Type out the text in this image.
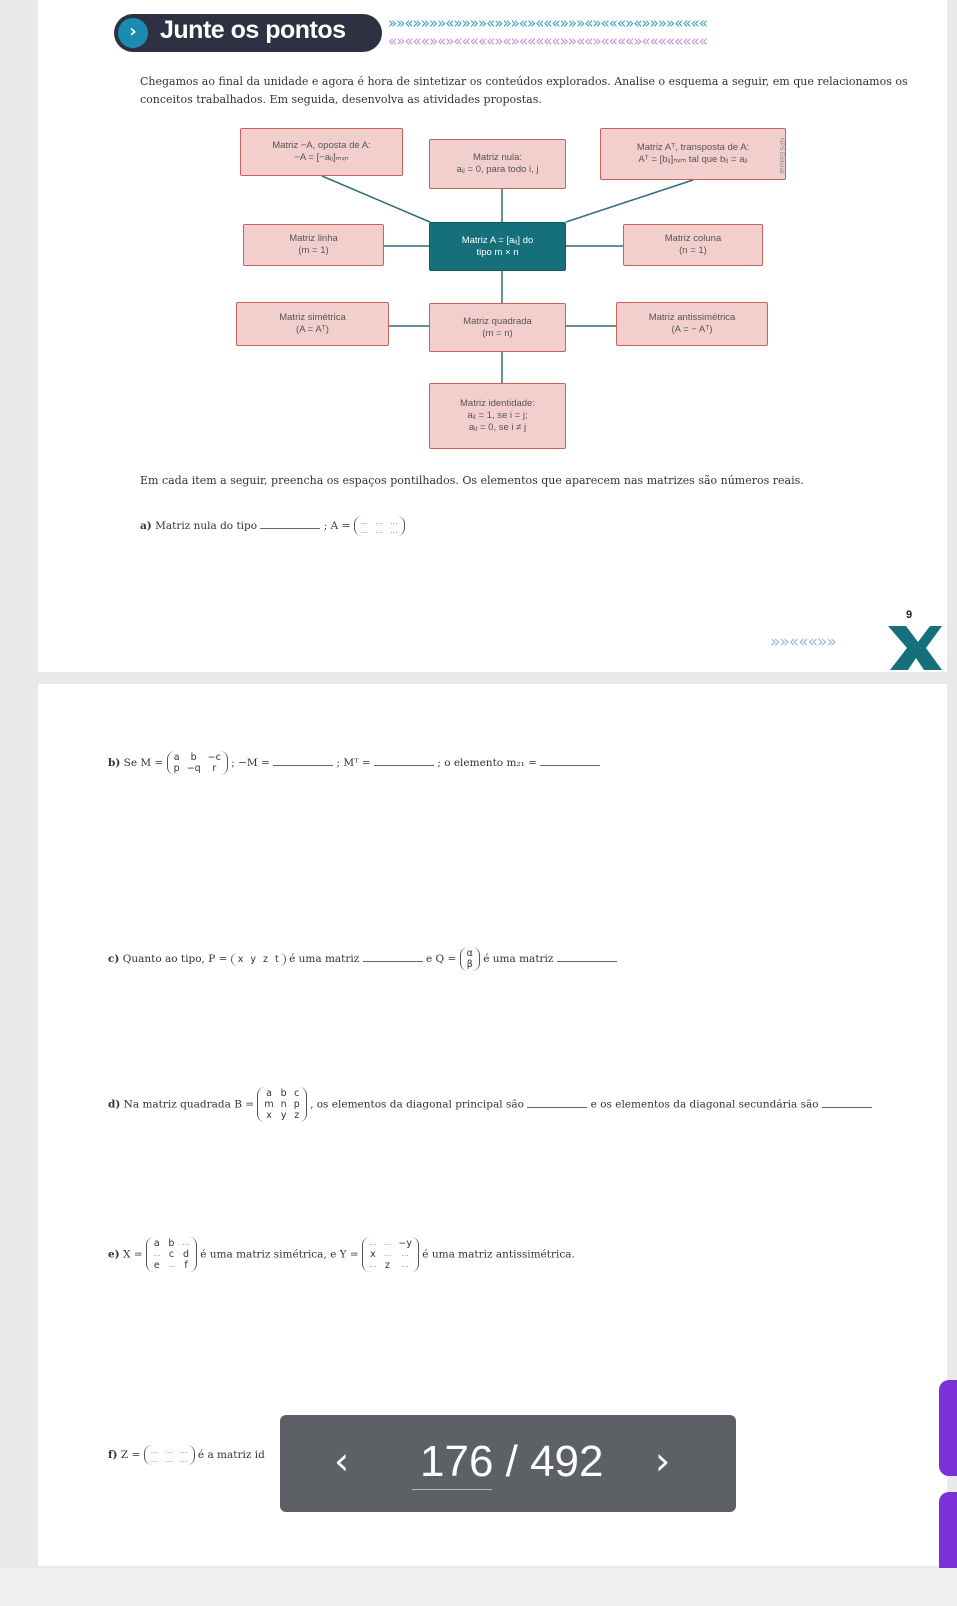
› Junte os pontos	»»«»»»»«»»»»«»»»«»«««»»»«»«««»«»»»»««««
«»«««»«»«««««»«»«««««»»««»««««»««««««««
Chegamos ao final da unidade e agora é hora de sintetizar os conteúdos explorados. Analise o esquema a seguir, em que relacionamos os conceitos trabalhados. Em seguida, desenvolva as atividades propostas.
Matriz −A, oposta de A:
−A = [−aᵢⱼ]ₘₓₙ	Matriz nula:
aᵢⱼ = 0, para todo i, j
Matriz Aᵀ, transposta de A:
Aᵀ = [bᵢⱼ]ₙₓₘ tal que bᵢⱼ = aⱼᵢ	NPS Editorial
Matriz linha
(m = 1)
Matriz A = [aᵢⱼ] do
tipo m × n
Matriz coluna
(n = 1)
Matriz simétrica
(A = Aᵀ)
Matriz quadrada
(m = n)
Matriz antissimétrica
(A = − Aᵀ)
Matriz identidade:
aᵢⱼ = 1, se i = j;
aᵢⱼ = 0, se i ≠ j
Em cada item a seguir, preencha os espaços pontilhados. Os elementos que aparecem nas matrizes são números reais.
a) Matriz nula do tipo	; A = ... ... ...
... ... ...
9
»»«««»»
b) Se M = a	b	−c
p −q	r	; −M =	; Mᵀ =	; o elemento m₂₁ =
c) Quanto ao tipo, P = x y z t é uma matriz	e Q = α
β é uma matriz
d) Na matriz quadrada B =
a b c
m n p
x y z
, os elementos da diagonal principal são	e os elementos da diagonal secundária são
e) X =
a b ...
... c d
e ... f
é uma matriz simétrica, e Y =
... ... −y
x ...	...
... z	...
é uma matriz antissimétrica.
f) Z = ... ... ...
... ... ... é a matriz id ‹ 176 / 492 ›
